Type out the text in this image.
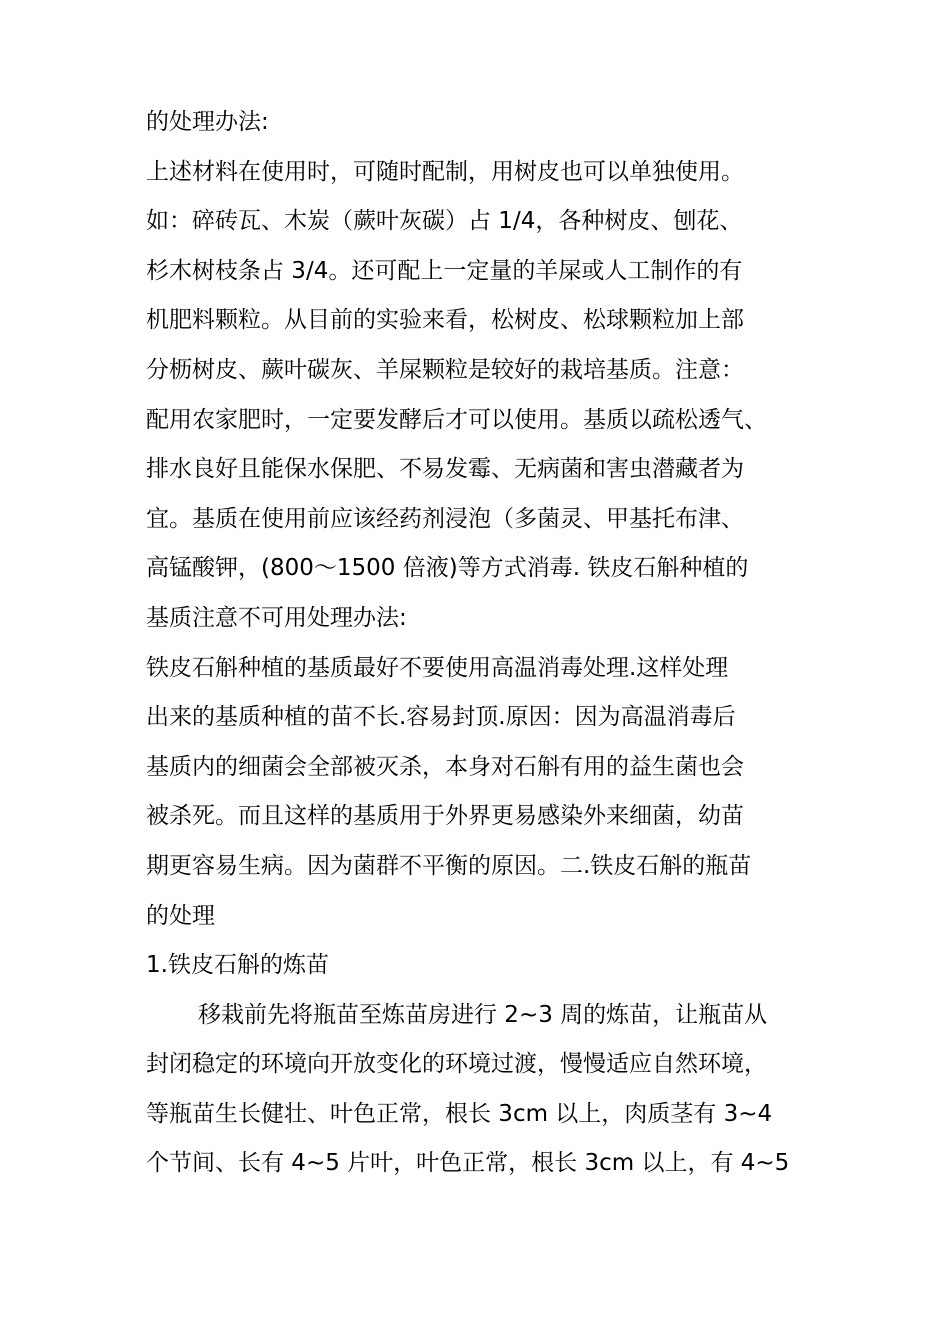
的处理办法:
上述材料在使用时，可随时配制，用树皮也可以单独使用。
如：碎砖瓦、木炭（蕨叶灰碳）占 1/4，各种树皮、刨花、
杉木树枝条占 3/4。还可配上一定量的羊屎或人工制作的有
机肥料颗粒。从目前的实验来看，松树皮、松球颗粒加上部
分枥树皮、蕨叶碳灰、羊屎颗粒是较好的栽培基质。注意：
配用农家肥时，一定要发酵后才可以使用。基质以疏松透气、
排水良好且能保水保肥、不易发霉、无病菌和害虫潜藏者为
宜。基质在使用前应该经药剂浸泡（多菌灵、甲基托布津、
高锰酸钾，(800～1500 倍液)等方式消毒. 铁皮石斛种植的
基质注意不可用处理办法:
铁皮石斛种植的基质最好不要使用高温消毒处理.这样处理
出来的基质种植的苗不长.容易封顶.原因：因为高温消毒后
基质内的细菌会全部被灭杀，本身对石斛有用的益生菌也会
被杀死。而且这样的基质用于外界更易感染外来细菌，幼苗
期更容易生病。因为菌群不平衡的原因。二.铁皮石斛的瓶苗
的处理
1.铁皮石斛的炼苗
移栽前先将瓶苗至炼苗房进行 2~3 周的炼苗，让瓶苗从
封闭稳定的环境向开放变化的环境过渡，慢慢适应自然环境，
等瓶苗生长健壮、叶色正常，根长 3cm 以上，肉质茎有 3~4
个节间、长有 4~5 片叶，叶色正常，根长 3cm 以上，有 4~5
